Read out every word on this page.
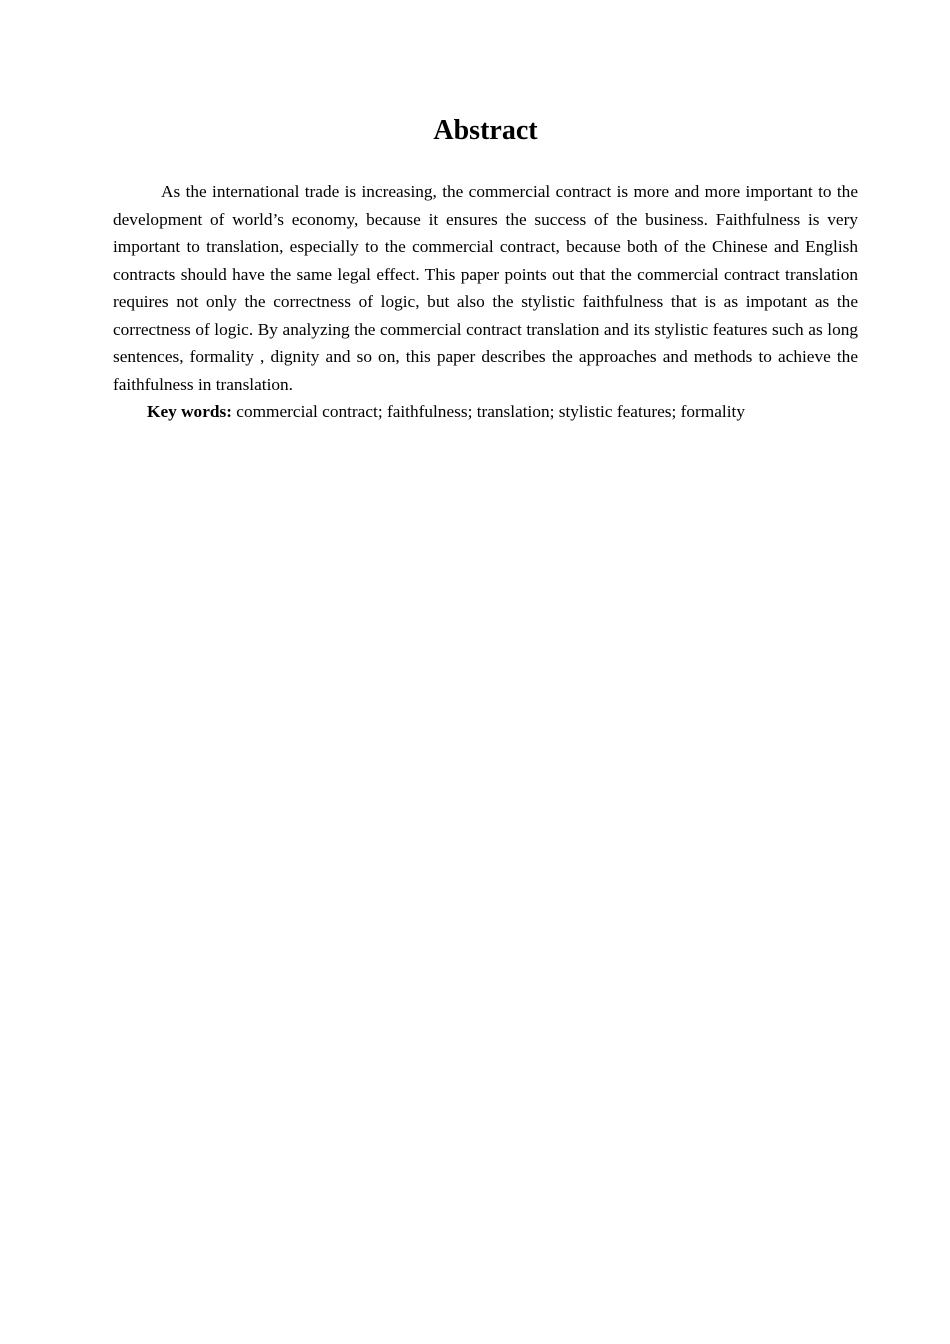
Abstract

As the international trade is increasing, the commercial contract is more and more important to the development of world’s economy, because it ensures the success of the business. Faithfulness is very important to translation, especially to the commercial contract, because both of the Chinese and English contracts should have the same legal effect. This paper points out that the commercial contract translation requires not only the correctness of logic, but also the stylistic faithfulness that is as impotant as the correctness of logic. By analyzing the commercial contract translation and its stylistic features such as long sentences, formality , dignity and so on, this paper describes the approaches and methods to achieve the faithfulness in translation.

Key words: commercial contract; faithfulness; translation; stylistic features; formality
